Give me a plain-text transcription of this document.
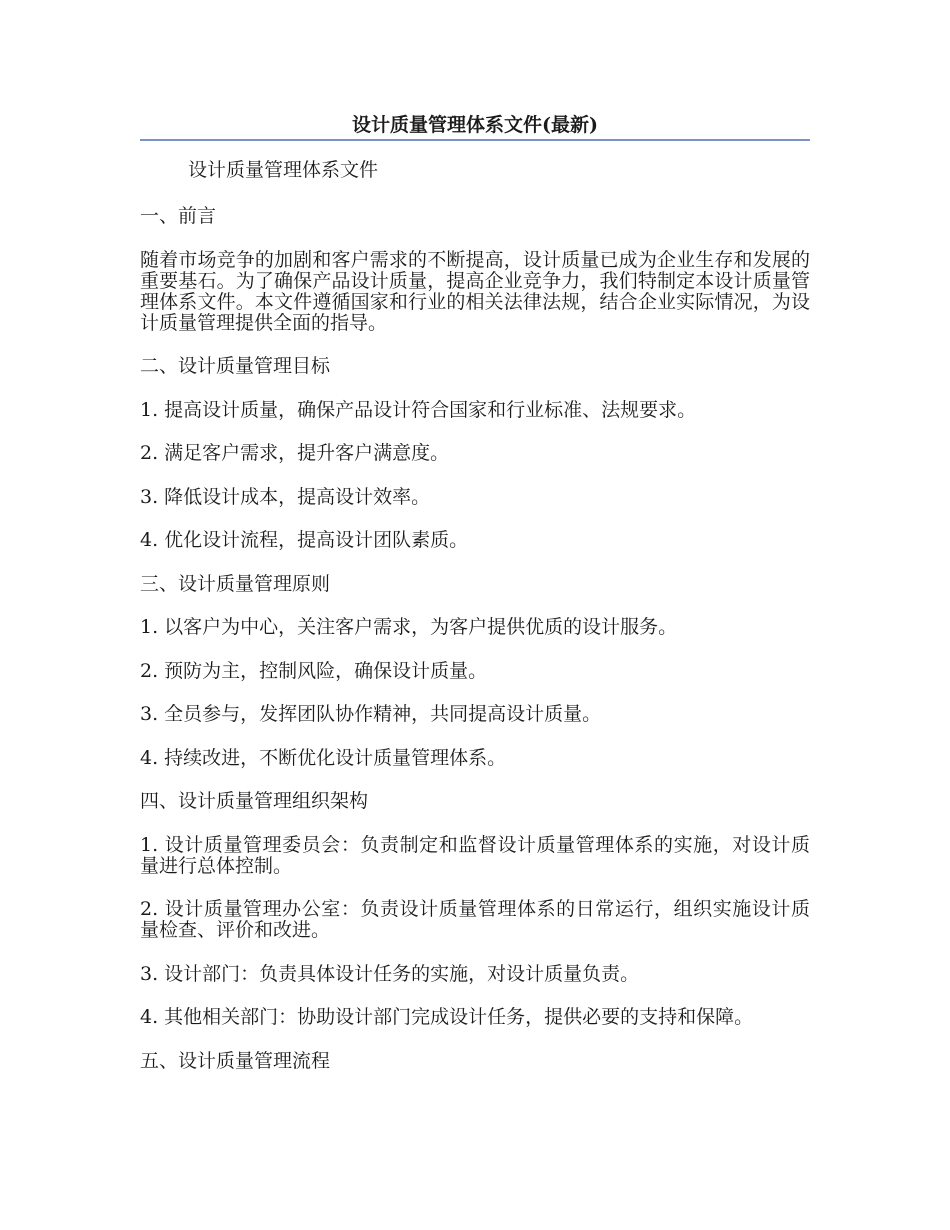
设计质量管理体系文件(最新)

设计质量管理体系文件

一、前言

随着市场竞争的加剧和客户需求的不断提高，设计质量已成为企业生存和发展的重要基石。为了确保产品设计质量，提高企业竞争力，我们特制定本设计质量管理体系文件。本文件遵循国家和行业的相关法律法规，结合企业实际情况，为设计质量管理提供全面的指导。

二、设计质量管理目标

1. 提高设计质量，确保产品设计符合国家和行业标准、法规要求。

2. 满足客户需求，提升客户满意度。

3. 降低设计成本，提高设计效率。

4. 优化设计流程，提高设计团队素质。

三、设计质量管理原则

1. 以客户为中心，关注客户需求，为客户提供优质的设计服务。

2. 预防为主，控制风险，确保设计质量。

3. 全员参与，发挥团队协作精神，共同提高设计质量。

4. 持续改进，不断优化设计质量管理体系。

四、设计质量管理组织架构

1. 设计质量管理委员会：负责制定和监督设计质量管理体系的实施，对设计质量进行总体控制。

2. 设计质量管理办公室：负责设计质量管理体系的日常运行，组织实施设计质量检查、评价和改进。

3. 设计部门：负责具体设计任务的实施，对设计质量负责。

4. 其他相关部门：协助设计部门完成设计任务，提供必要的支持和保障。

五、设计质量管理流程
